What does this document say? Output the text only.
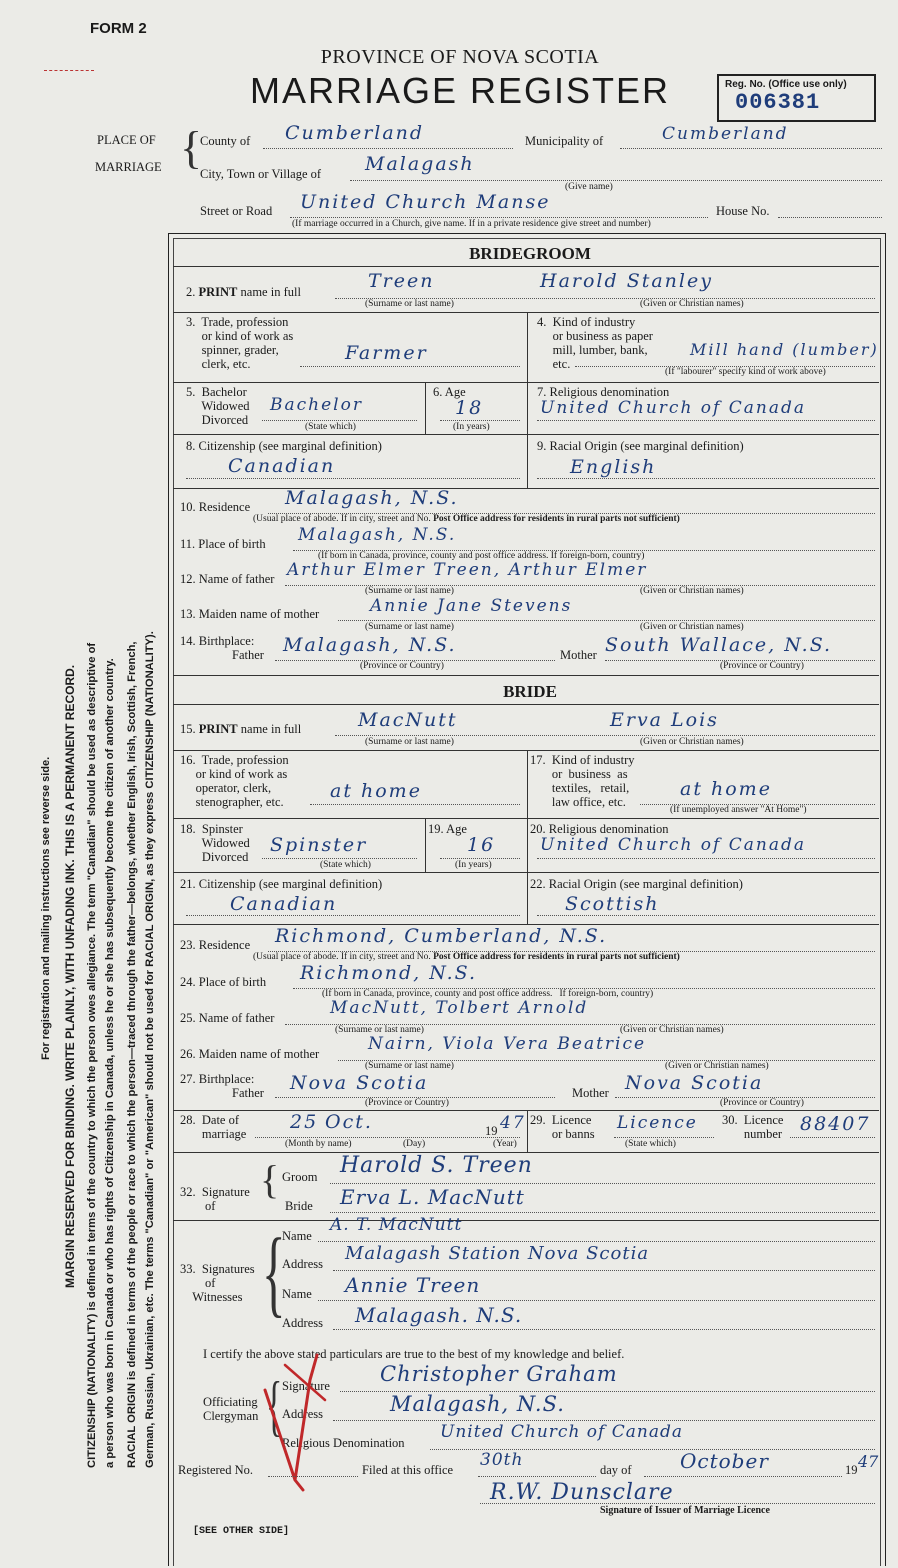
FORM 2
PROVINCE OF NOVA SCOTIA
MARRIAGE REGISTER	Reg. No. (Office use only)
006381
For registration and mailing instructions see reverse side. MARGIN RESERVED FOR BINDING. WRITE PLAINLY, WITH UNFADING INK. THIS IS A PERMANENT RECORD. CITIZENSHIP (NATIONALITY) is defined in terms of the country to which the person owes allegiance. The term "Canadian" should be used as descriptive of a person who was born in Canada or who has rights of Citizenship in Canada, unless he or she has subsequently become the citizen of another country. RACIAL ORIGIN is defined in terms of the people or race to which the person—traced through the father—belongs, whether English, Irish, Scottish, French, German, Russian, Ukrainian, etc. The terms "Canadian" or "American" should not be used for RACIAL ORIGIN, as they express CITIZENSHIP (NATIONALITY).
PLACE OF
MARRIAGE {
County of Cumberland	Municipality of	Cumberland
City, Town or Village of Malagash
(Give name)
Street or Road United Church Manse	House No.
(If marriage occurred in a Church, give name. If in a private residence give street and number)
BRIDEGROOM
2. PRINT name in full	Treen	Harold Stanley
(Surname or last name)	(Given or Christian names)
3.  Trade, profession
or kind of work as
spinner, grader,
clerk, etc.	Farmer
4.  Kind of industry
or business as paper
mill, lumber, bank,
etc.
Mill hand (lumber)
(If "labourer" specify kind of work above)
5.  Bachelor
Widowed
Divorced
Bachelor
(State which)
6. Age
18
(In years)
7. Religious denomination
United Church of Canada
8. Citizenship (see marginal definition)
Canadian
9. Racial Origin (see marginal definition)
English
10. Residence Malagash, N.S.
(Usual place of abode. If in city, street and No. Post Office address for residents in rural parts not sufficient)
11. Place of birth Malagash, N.S.
(If born in Canada, province, county and post office address. If foreign-born, country)
12. Name of father Arthur Elmer Treen, Arthur Elmer
(Surname or last name)	(Given or Christian names)
13. Maiden name of mother	Annie Jane Stevens
(Surname or last name)	(Given or Christian names)
14. Birthplace:
Father Malagash, N.S.	Mother South Wallace, N.S.
(Province or Country)	(Province or Country)
BRIDE
15. PRINT name in full	MacNutt	Erva Lois
(Surname or last name)	(Given or Christian names)
16.  Trade, profession
or kind of work as
operator, clerk,
stenographer, etc. at home
17.  Kind of industry
or  business  as
textiles,   retail,
law office, etc.
at home
(If unemployed answer "At Home")
18.  Spinster
Widowed
Divorced
Spinster
(State which)
19. Age
16
(In years)
20. Religious denomination
United Church of Canada
21. Citizenship (see marginal definition)
Canadian
22. Racial Origin (see marginal definition)
Scottish
23. Residence Richmond, Cumberland, N.S.
(Usual place of abode. If in city, street and No. Post Office address for residents in rural parts not sufficient)
24. Place of birth Richmond, N.S.
(If born in Canada, province, county and post office address.   If foreign-born, country)
25. Name of father	MacNutt, Tolbert Arnold
(Surname or last name)	(Given or Christian names)
26. Maiden name of mother	Nairn, Viola Vera Beatrice
(Surname or last name)	(Given or Christian names)
27. Birthplace:
Father Nova Scotia	Mother Nova Scotia
(Province or Country)	(Province or Country)
28.  Date of
marriage
25 Oct.	19 47
(Month by name)	(Day)	(Year)
29.  Licence
or banns
Licence
(State which)
30.  Licence
number 88407
32.  Signature
of
{ Groom Harold S. Treen
Bride Erva L. MacNutt
33.  Signatures
of
Witnesses {
Name
A. T. MacNutt
Address Malagash Station Nova Scotia
Name Annie Treen
Address Malagash. N.S.
I certify the above stated particulars are true to the best of my knowledge and belief.
Officiating
Clergyman { Signature Christopher Graham
Address	Malagash, N.S.
Religious Denomination
United Church of Canada
Registered No.	Filed at this office 30th	day of October	19 47
R.W. Dunsclare
Signature of Issuer of Marriage Licence
[SEE OTHER SIDE]
